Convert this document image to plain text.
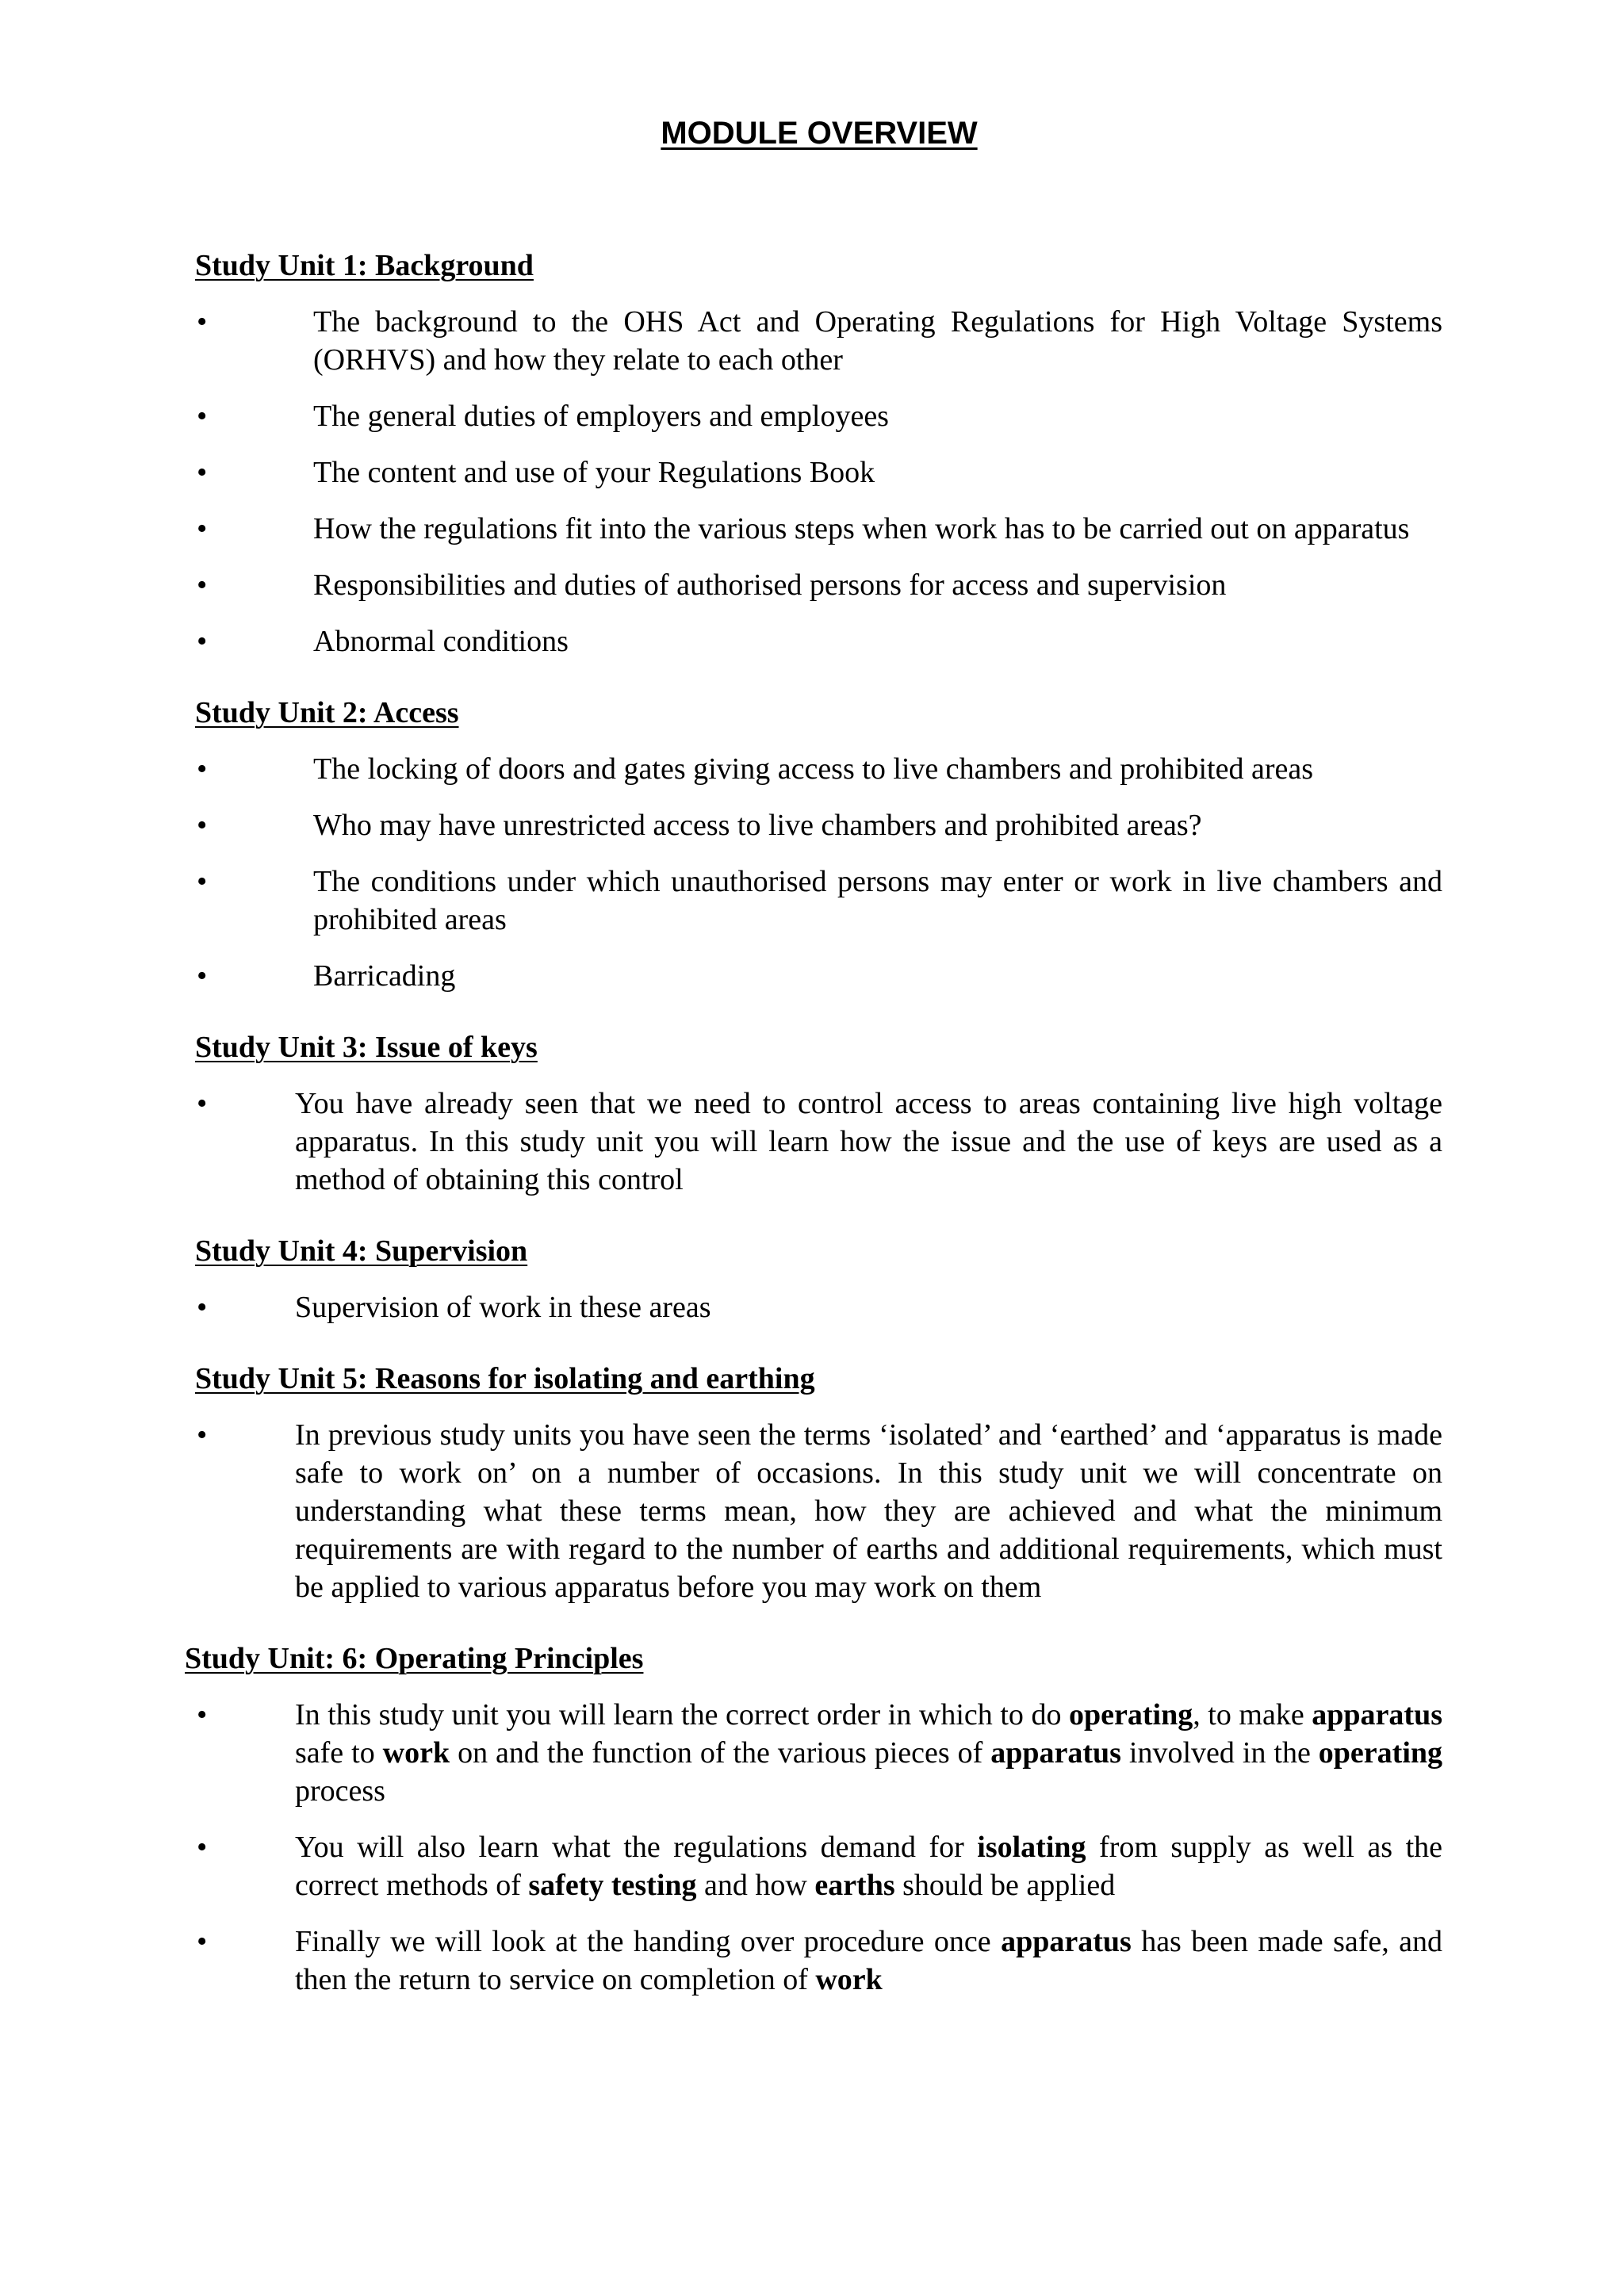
MODULE OVERVIEW
Study Unit 1: Background
• The background to the OHS Act and Operating Regulations for High Voltage Systems (ORHVS) and how they relate to each other
• The general duties of employers and employees
• The content and use of your Regulations Book
• How the regulations fit into the various steps when work has to be carried out on apparatus
• Responsibilities and duties of authorised persons for access and supervision
• Abnormal conditions
Study Unit 2: Access
• The locking of doors and gates giving access to live chambers and prohibited areas
• Who may have unrestricted access to live chambers and prohibited areas?
• The conditions under which unauthorised persons may enter or work in live chambers and prohibited areas
• Barricading
Study Unit 3: Issue of keys
• You have already seen that we need to control access to areas containing live high voltage apparatus. In this study unit you will learn how the issue and the use of keys are used as a method of obtaining this control
Study Unit 4: Supervision
• Supervision of work in these areas
Study Unit 5: Reasons for isolating and earthing
• In previous study units you have seen the terms ‘isolated’ and ‘earthed’ and ‘apparatus is made safe to work on’ on a number of occasions. In this study unit we will concentrate on understanding what these terms mean, how they are achieved and what the minimum requirements are with regard to the number of earths and additional requirements, which must be applied to various apparatus before you may work on them
Study Unit: 6: Operating Principles
• In this study unit you will learn the correct order in which to do operating, to make apparatus safe to work on and the function of the various pieces of apparatus involved in the operating process
• You will also learn what the regulations demand for isolating from supply as well as the correct methods of safety testing and how earths should be applied
• Finally we will look at the handing over procedure once apparatus has been made safe, and then the return to service on completion of work
